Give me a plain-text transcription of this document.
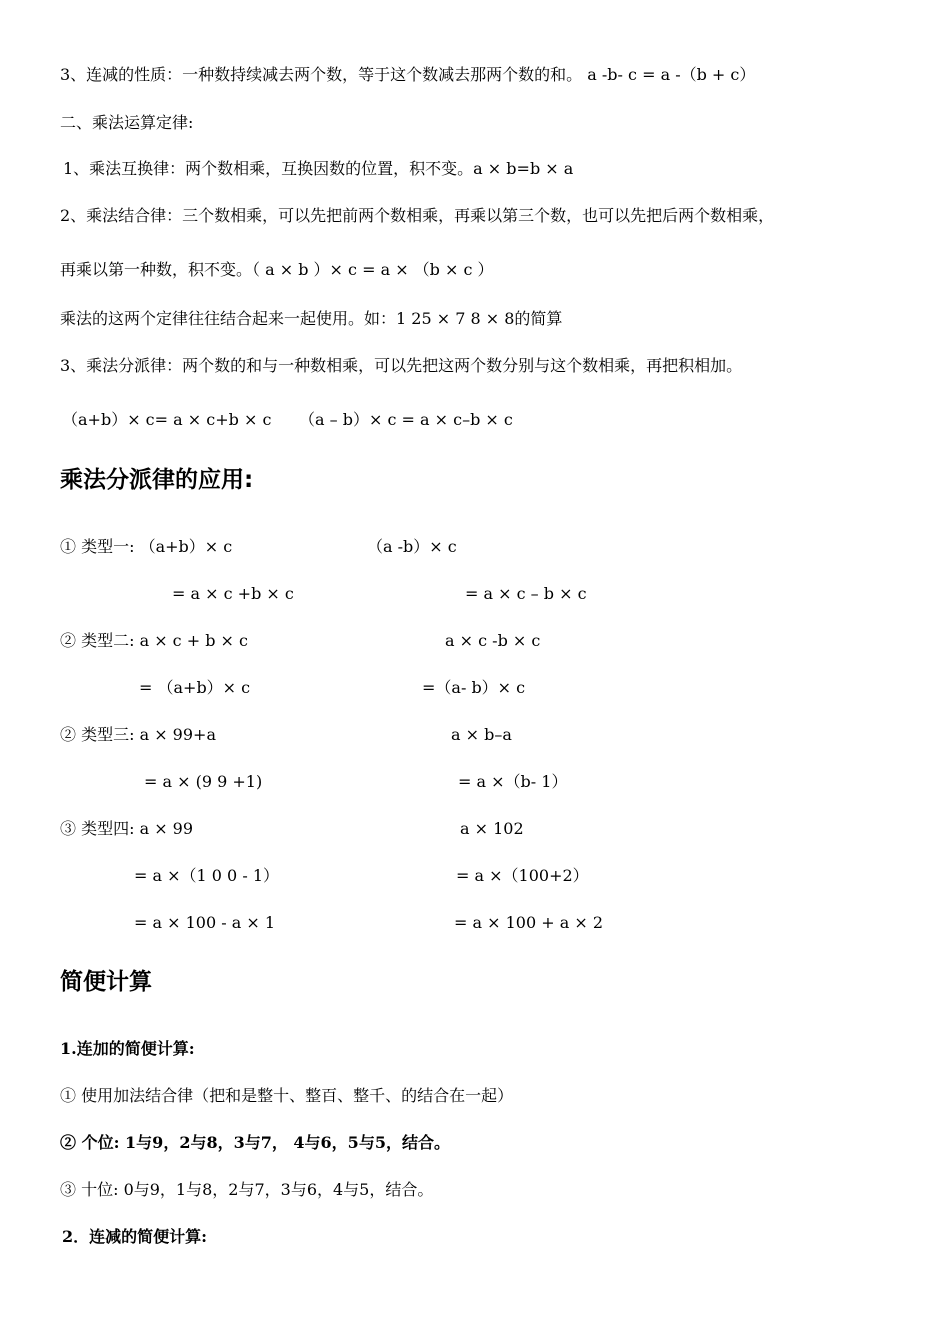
3、连减的性质：一种数持续减去两个数，等于这个数减去那两个数的和。 a -b- c = a -（b + c）
二、乘法运算定律:
1、乘法互换律：两个数相乘，互换因数的位置，积不变。a × b=b × a
2、乘法结合律：三个数相乘，可以先把前两个数相乘，再乘以第三个数，也可以先把后两个数相乘，
再乘以第一种数，积不变。（ a × b ）× c = a × （b × c ）
乘法的这两个定律往往结合起来一起使用。如：1 25 × 7 8 × 8的简算
3、乘法分派律：两个数的和与一种数相乘，可以先把这两个数分别与这个数相乘，再把积相加。
（a+b）× c= a × c+b × c （a – b）× c = a × c–b × c
乘法分派律的应用:
① 类型一: （a+b）× c	（a -b）× c
= a × c +b × c	= a × c – b × c
② 类型二: a × c + b × c	a × c -b × c
= （a+b）× c	=（a- b）× c
② 类型三: a × 99+a	a × b–a
= a × (9 9 +1)	= a ×（b- 1）
③ 类型四: a × 99	a × 102
= a ×（1 0 0 - 1）	= a ×（100+2）
= a × 100 - a × 1	= a × 100 + a × 2
简便计算
1.连加的简便计算:
① 使用加法结合律（把和是整十、整百、整千、的结合在一起）
② 个位: 1与9，2与8，3与7， 4与6，5与5，结合。
③ 十位: 0与9，1与8，2与7，3与6，4与5，结合。
2．连减的简便计算:
